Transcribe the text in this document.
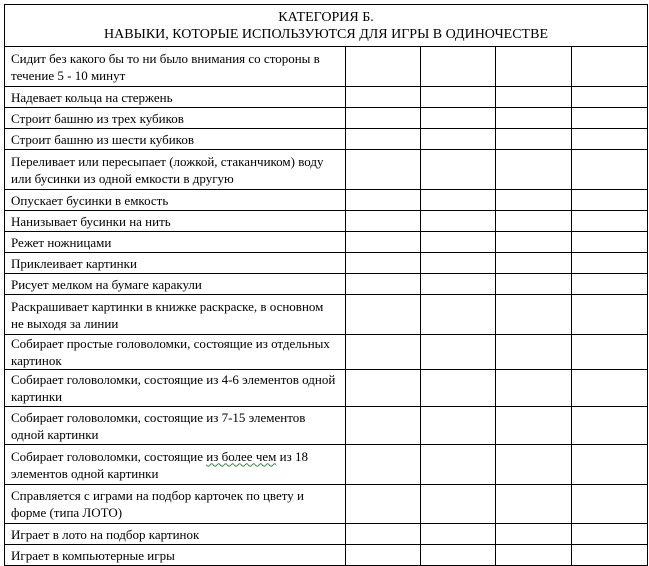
КАТЕГОРИЯ Б.
НАВЫКИ, КОТОРЫЕ ИСПОЛЬЗУЮТСЯ ДЛЯ ИГРЫ В ОДИНОЧЕСТВЕ				

Сидит без какого бы то ни было внимания со стороны в течение 5 - 10 минут				
Надевает кольца на стержень				
Строит башню из трех кубиков				
Строит башню из шести кубиков				
Переливает или пересыпает (ложкой, стаканчиком) воду или бусинки из одной емкости в другую				
Опускает бусинки в емкость				
Нанизывает бусинки на нить				
Режет ножницами				
Приклеивает картинки				
Рисует мелком на бумаге каракули				
Раскрашивает картинки в книжке раскраске, в основном не выходя за линии				
Собирает простые головоломки, состоящие из отдельных картинок				
Собирает головоломки, состоящие из 4-6 элементов одной картинки				
Собирает головоломки, состоящие из 7-15 элементов одной картинки				
Собирает головоломки, состоящие из более чем из 18 элементов одной картинки				
Справляется с играми на подбор карточек по цвету и форме (типа ЛОТО)				
Играет в лото на подбор картинок				
Играет в компьютерные игры				
